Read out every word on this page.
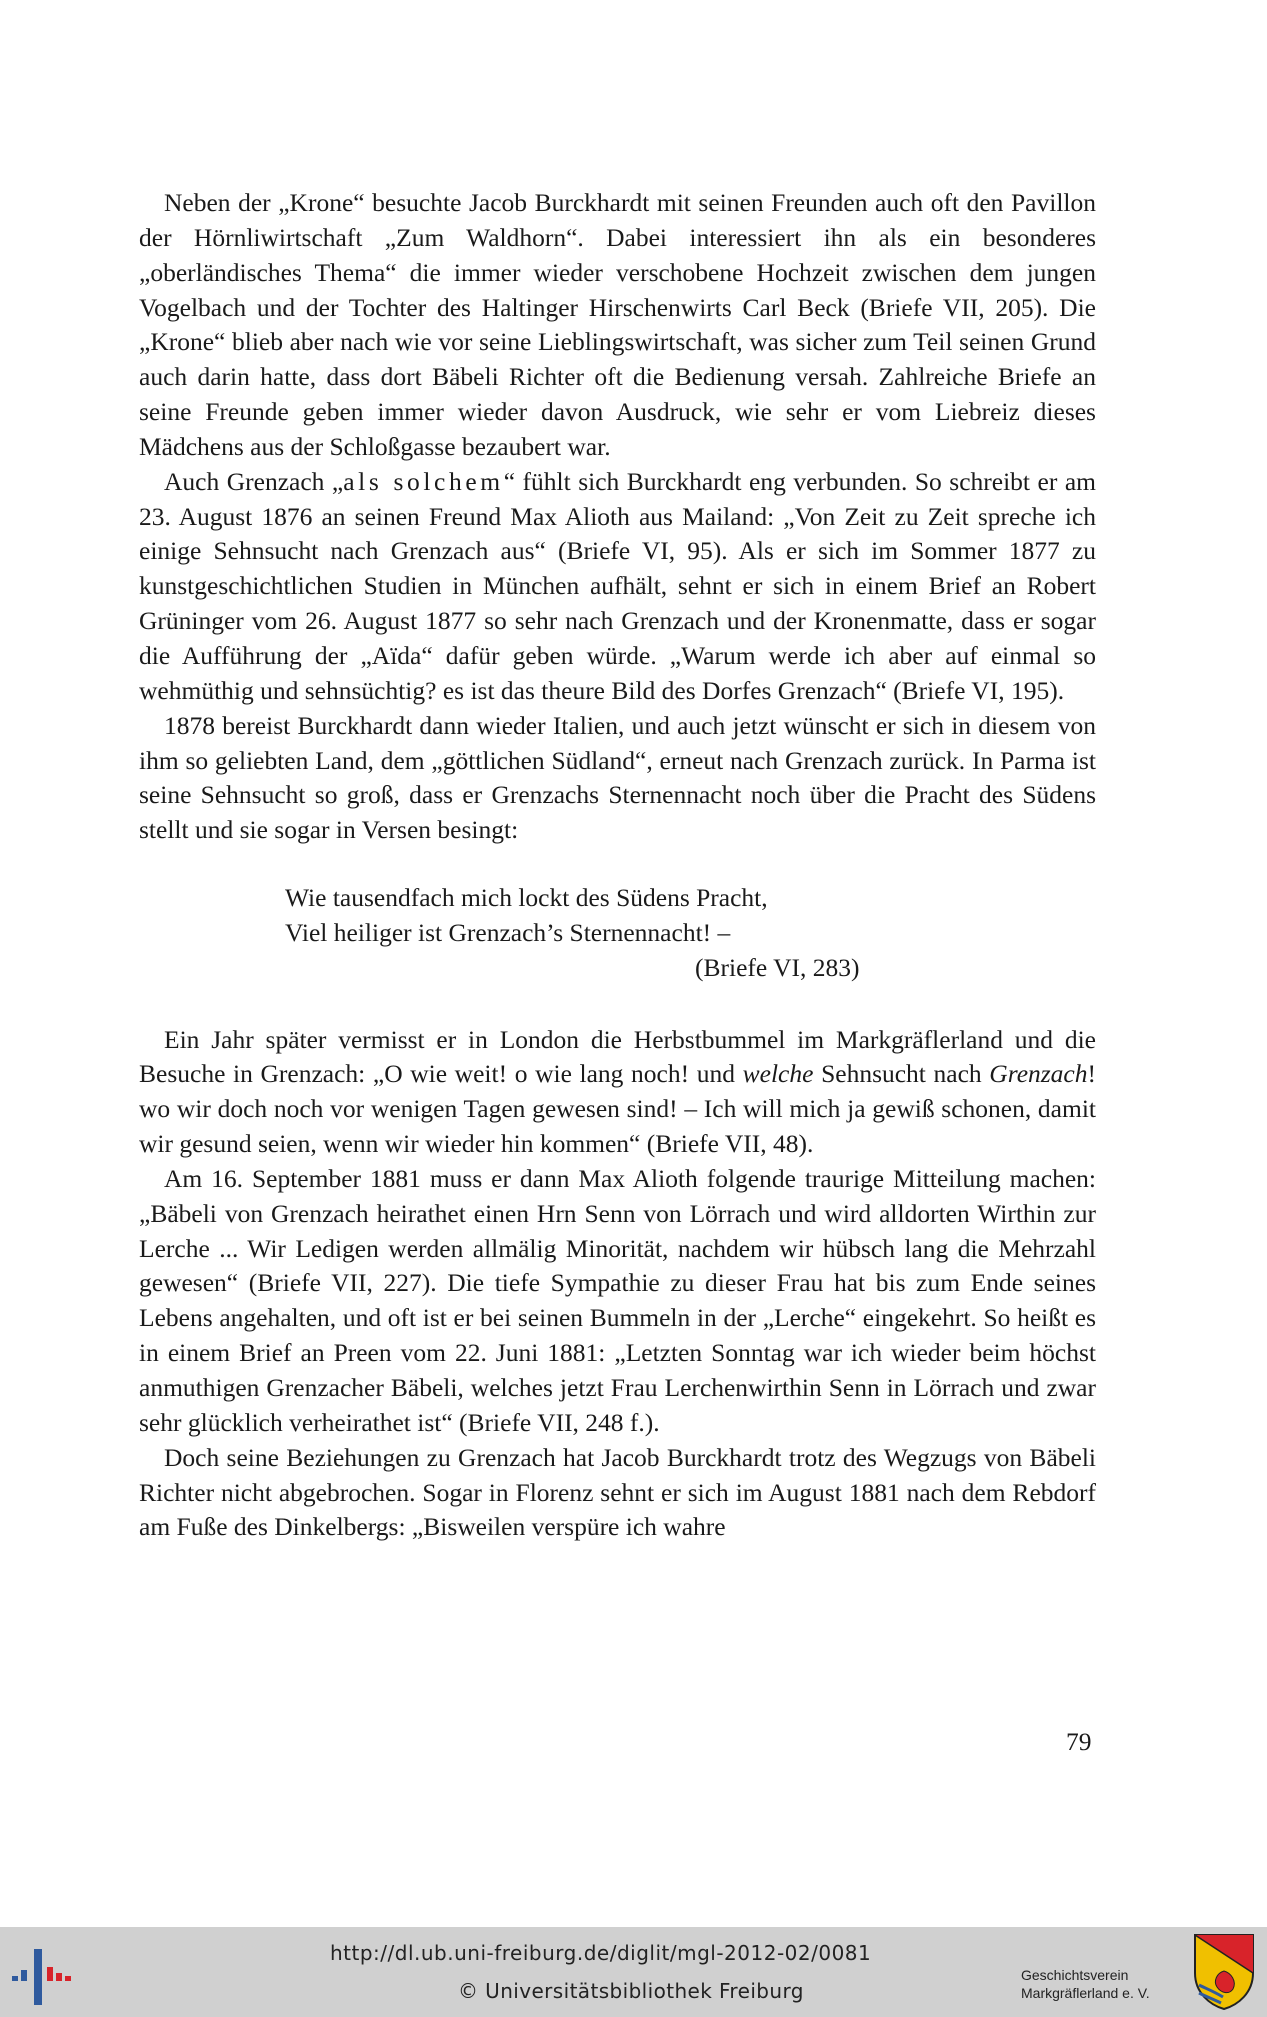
Neben der „Krone“ besuchte Jacob Burckhardt mit seinen Freunden auch oft den Pavillon der Hörnliwirtschaft „Zum Waldhorn“. Dabei interessiert ihn als ein besonderes „oberländisches Thema“ die immer wieder verschobene Hochzeit zwischen dem jungen Vogelbach und der Tochter des Haltinger Hirschenwirts Carl Beck (Briefe VII, 205). Die „Krone“ blieb aber nach wie vor seine Lieblingswirtschaft, was sicher zum Teil seinen Grund auch darin hatte, dass dort Bäbeli Richter oft die Bedienung versah. Zahlreiche Briefe an seine Freunde geben immer wieder davon Ausdruck, wie sehr er vom Liebreiz dieses Mädchens aus der Schloßgasse bezaubert war.

Auch Grenzach „als solchem“ fühlt sich Burckhardt eng verbunden. So schreibt er am 23. August 1876 an seinen Freund Max Alioth aus Mailand: „Von Zeit zu Zeit spreche ich einige Sehnsucht nach Grenzach aus“ (Briefe VI, 95). Als er sich im Sommer 1877 zu kunstgeschichtlichen Studien in München aufhält, sehnt er sich in einem Brief an Robert Grüninger vom 26. August 1877 so sehr nach Grenzach und der Kronenmatte, dass er sogar die Aufführung der „Aïda“ dafür geben würde. „Warum werde ich aber auf einmal so wehmüthig und sehnsüchtig? es ist das theure Bild des Dorfes Grenzach“ (Briefe VI, 195).

1878 bereist Burckhardt dann wieder Italien, und auch jetzt wünscht er sich in diesem von ihm so geliebten Land, dem „göttlichen Südland“, erneut nach Grenzach zurück. In Parma ist seine Sehnsucht so groß, dass er Grenzachs Sternennacht noch über die Pracht des Südens stellt und sie sogar in Versen besingt:

Wie tausendfach mich lockt des Südens Pracht,
Viel heiliger ist Grenzach’s Sternennacht! –
(Briefe VI, 283)

Ein Jahr später vermisst er in London die Herbstbummel im Markgräflerland und die Besuche in Grenzach: „O wie weit! o wie lang noch! und welche Sehnsucht nach Grenzach! wo wir doch noch vor wenigen Tagen gewesen sind! – Ich will mich ja gewiß schonen, damit wir gesund seien, wenn wir wieder hin kommen“ (Briefe VII, 48).

Am 16. September 1881 muss er dann Max Alioth folgende traurige Mitteilung machen: „Bäbeli von Grenzach heirathet einen Hrn Senn von Lörrach und wird alldorten Wirthin zur Lerche ... Wir Ledigen werden allmälig Minorität, nachdem wir hübsch lang die Mehrzahl gewesen“ (Briefe VII, 227). Die tiefe Sympathie zu dieser Frau hat bis zum Ende seines Lebens angehalten, und oft ist er bei seinen Bummeln in der „Lerche“ eingekehrt. So heißt es in einem Brief an Preen vom 22. Juni 1881: „Letzten Sonntag war ich wieder beim höchst anmuthigen Grenzacher Bäbeli, welches jetzt Frau Lerchenwirthin Senn in Lörrach und zwar sehr glücklich verheirathet ist“ (Briefe VII, 248 f.).

Doch seine Beziehungen zu Grenzach hat Jacob Burckhardt trotz des Wegzugs von Bäbeli Richter nicht abgebrochen. Sogar in Florenz sehnt er sich im August 1881 nach dem Rebdorf am Fuße des Dinkelbergs: „Bisweilen verspüre ich wahre

79
http://dl.ub.uni-freiburg.de/diglit/mgl-2012-02/0081
© Universitätsbibliothek Freiburg
Geschichtsverein
Markgräflerland e. V.
